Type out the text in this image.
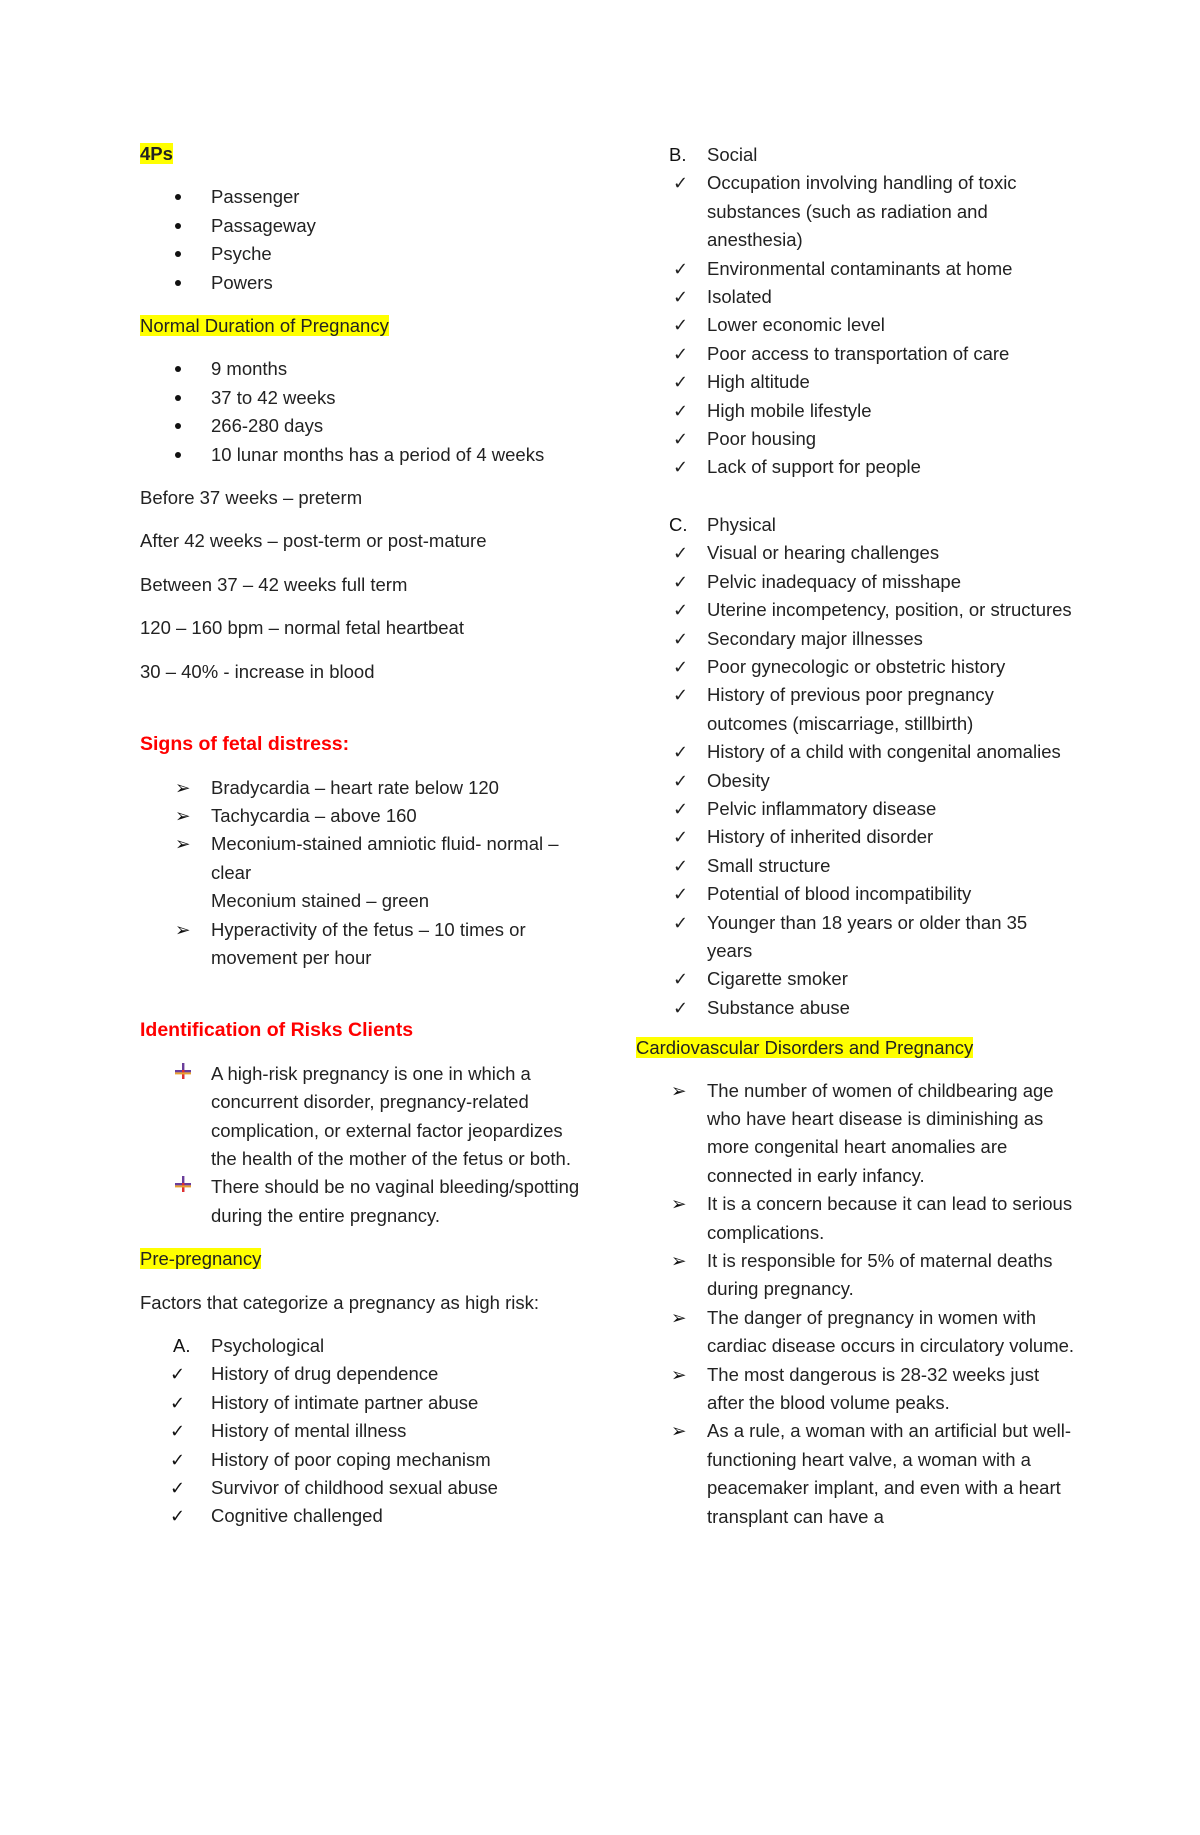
4Ps

Passenger
Passageway
Psyche
Powers

Normal Duration of Pregnancy

9 months
37 to 42 weeks
266-280 days
10 lunar months has a period of 4 weeks

Before 37 weeks – preterm

After 42 weeks – post-term or post-mature

Between 37 – 42 weeks full term

120 – 160 bpm – normal fetal heartbeat

30 – 40% - increase in blood

Signs of fetal distress:

➢	Bradycardia – heart rate below 120
➢	Tachycardia – above 160
➢	Meconium-stained amniotic fluid- normal – clear
Meconium stained – green
➢	Hyperactivity of the fetus – 10 times or movement per hour

Identification of Risks Clients

A high-risk pregnancy is one in which a concurrent disorder, pregnancy-related complication, or external factor jeopardizes the health of the mother of the fetus or both.
There should be no vaginal bleeding/spotting during the entire pregnancy.

Pre-pregnancy

Factors that categorize a pregnancy as high risk:

A.	Psychological
✓ History of drug dependence
✓ History of intimate partner abuse
✓ History of mental illness
✓ History of poor coping mechanism
✓ Survivor of childhood sexual abuse
✓ Cognitive challenged
B.	Social
✓ Occupation involving handling of toxic substances (such as radiation and anesthesia)
✓ Environmental contaminants at home
✓ Isolated
✓ Lower economic level
✓ Poor access to transportation of care
✓ High altitude
✓ High mobile lifestyle
✓ Poor housing
✓ Lack of support for people
C.	Physical
✓ Visual or hearing challenges
✓ Pelvic inadequacy of misshape
✓ Uterine incompetency, position, or structures
✓ Secondary major illnesses
✓ Poor gynecologic or obstetric history
✓ History of previous poor pregnancy outcomes (miscarriage, stillbirth)
✓ History of a child with congenital anomalies
✓ Obesity
✓ Pelvic inflammatory disease
✓ History of inherited disorder
✓ Small structure
✓ Potential of blood incompatibility
✓ Younger than 18 years or older than 35 years
✓ Cigarette smoker
✓ Substance abuse

Cardiovascular Disorders and Pregnancy

➢	The number of women of childbearing age who have heart disease is diminishing as more congenital heart anomalies are connected in early infancy.
➢	It is a concern because it can lead to serious complications.
➢	It is responsible for 5% of maternal deaths during pregnancy.
➢	The danger of pregnancy in women with cardiac disease occurs in circulatory volume.
➢	The most dangerous is 28-32 weeks just after the blood volume peaks.
➢	As a rule, a woman with an artificial but well-functioning heart valve, a woman with a peacemaker implant, and even with a heart transplant can have a
